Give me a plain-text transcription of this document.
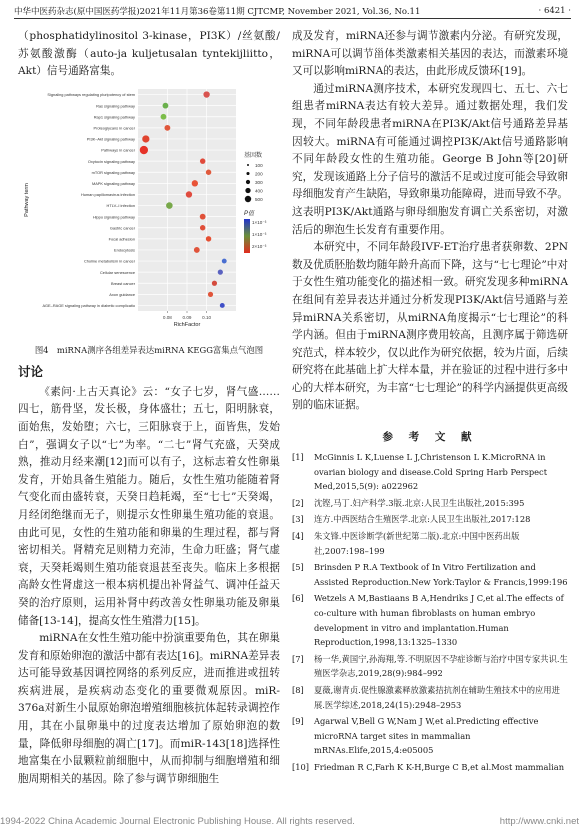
中华中医药杂志(原中国医药学报)2021年11月第36卷第11期 CJTCMP, November 2021, Vol.36, No.11	· 6421 ·

（phosphatidylinositol 3-kinase，PI3K）/丝氨酸/苏氨酸激酶（auto-ja kuljetusalan tyntekijliitto，Akt）信号通路富集。

Signaling pathways regulating pluripotency of stem
Ras signaling pathway
Rap1 signaling pathway
Proteoglycans in cancer
PI3K–Akt signaling pathway
Pathways in cancer
Oxytocin signaling pathway
mTOR signaling pathway
MAPK signaling pathway
Human papillomavirus infection
HTLV–I infection
Hippo signaling pathway
Gastric cancer
Focal adhesion
Endocytosis
Choline metabolism in cancer
Cellular senescence
Breast cancer
Axon guidance
AGE–RAGE signaling pathway in diabetic complicatio
0.09
0.08	0.10
RichFactor
Pathway term
基因数
100
200
300
400
500
P值
1×10⁻³
1×10⁻³
2×10⁻³
图4　miRNA测序各组差异表达miRNA KEGG富集点气泡图
讨论

《素问·上古天真论》云：“女子七岁，肾气盛……四七，筋骨坚，发长极，身体盛壮；五七，阳明脉衰，面始焦，发始堕；六七，三阳脉衰于上，面皆焦，发始白”，强调女子以“七”为率。“二七”肾气充盛，天癸成熟，推动月经来潮[12]而可以有子，这标志着女性卵巢发育，开始具备生殖能力。随后，女性生殖功能随着肾气变化而由盛转衰，天癸日趋耗竭，至“七七”天癸竭，月经闭绝继而无子，则提示女性卵巢生殖功能的衰退。由此可见，女性的生殖功能和卵巢的生理过程，都与肾密切相关。肾精充足则精力充沛，生命力旺盛；肾气虚衰，天癸耗竭则生殖功能衰退甚至丧失。临床上多根据高龄女性肾虚这一根本病机提出补肾益气、调冲任益天癸的治疗原则，运用补肾中药改善女性卵巢功能及卵巢储备[13-14]，提高女性生殖潜力[15]。

miRNA在女性生殖功能中扮演重要角色，其在卵巢发育和原始卵泡的激活中都有表达[16]。miRNA差异表达可能导致基因调控网络的系列反应，进而推进或扭转疾病进展，是疾病动态变化的重要微观原因。miR-376a对新生小鼠原始卵泡增殖细胞核抗体起转录调控作用，其在小鼠卵巢中的过度表达增加了原始卵泡的数量，降低卵母细胞的凋亡[17]。而miR-143[18]选择性地富集在小鼠颗粒前细胞中，从而抑制与细胞增殖和细胞周期相关的基因。除了参与调节卵细胞生

成及发育，miRNA还参与调节激素内分泌。有研究发现，miRNA可以调节甾体类激素相关基因的表达，而激素环境又可以影响miRNA的表达，由此形成反馈环[19]。

通过miRNA测序技术，本研究发现四七、五七、六七组患者miRNA表达有较大差异。通过数据处理，我们发现，不同年龄段患者miRNA在PI3K/Akt信号通路差异基因较大。miRNA有可能通过调控PI3K/Akt信号通路影响不同年龄段女性的生殖功能。George B John等[20]研究，发现该通路上分子信号的激活不足或过度可能会导致卵母细胞发育产生缺陷，导致卵巢功能障碍，进而导致不孕。这表明PI3K/Akt通路与卵母细胞发育调亡关系密切，对激活后的卵泡生长发育有重要作用。

本研究中，不同年龄段IVF-ET治疗患者获卵数、2PN数及优质胚胎数均随年龄升高而下降，这与“七七理论”中对于女性生殖功能变化的描述相一致。研究发现多种miRNA在组间有差异表达并通过分析发现PI3K/Akt信号通路与差异miRNA关系密切，从miRNA角度揭示“七七理论”的科学内涵。但由于miRNA测序费用较高，且测序属于筛选研究范式，样本较少，仅以此作为研究依据，较为片面，后续研究将在此基础上扩大样本量，并在验证的过程中进行多中心的大样本研究，为丰富“七七理论”的科学内涵提供更高级别的临床证据。

参 考 文 献
[1]	McGinnis L K,Luense L J,Christenson L K.MicroRNA in ovarian biology and disease.Cold Spring Harb Perspect Med,2015,5(9): a022962
[2]	沈铿,马丁.妇产科学.3版.北京:人民卫生出版社,2015:395
[3]	连方.中西医结合生殖医学.北京:人民卫生出版社,2017:128
[4]	朱文锋.中医诊断学(新世纪第二版).北京:中国中医药出版社,2007:198–199
[5]	Brinsden P R.A Textbook of In Vitro Fertilization and Assisted Reproduction.New York:Taylor & Francis,1999:196
[6]	Wetzels A M,Bastiaans B A,Hendriks J C,et al.The effects of co-culture with human fibroblasts on human embryo development in vitro and implantation.Human Reproduction,1998,13:1325–1330
[7]	杨一华,黄国宁,孙海翔,等.不明原因不孕症诊断与治疗中国专家共识.生殖医学杂志,2019,28(9):984–992
[8]	夏薇,谢青贞.促性腺激素释放激素拮抗剂在辅助生殖技术中的应用进展.医学综述,2018,24(15):2948–2953
[9]	Agarwal V,Bell G W,Nam J W,et al.Predicting effective microRNA target sites in mammalian mRNAs.Elife,2015,4:e05005
[10] Friedman R C,Farh K K-H,Burge C B,et al.Most mammalian
1994-2022 China Academic Journal Electronic Publishing House. All rights reserved.	http://www.cnki.net
